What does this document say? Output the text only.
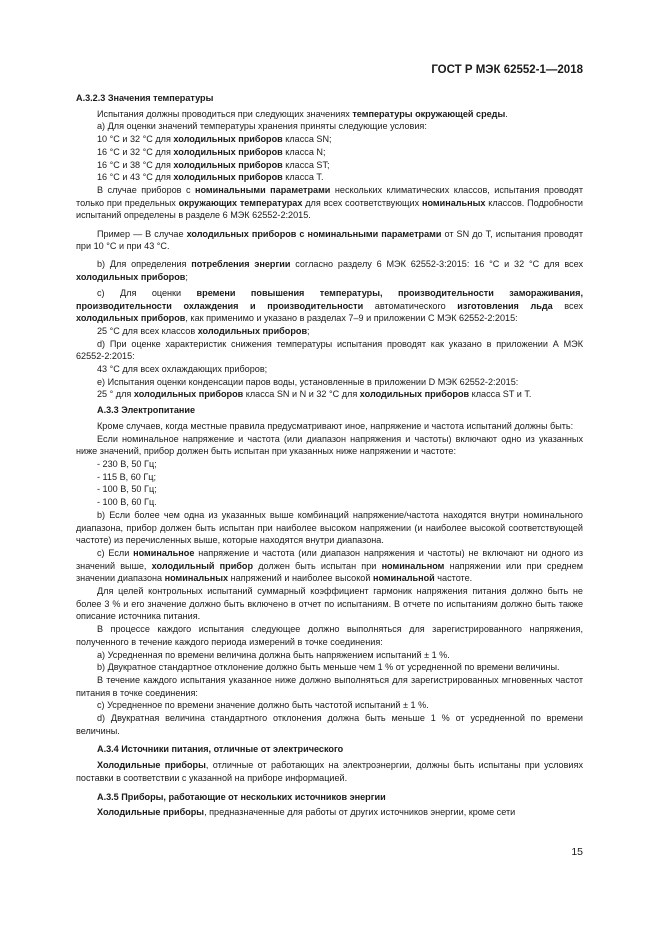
ГОСТ Р МЭК 62552-1—2018

А.3.2.3 Значения температуры

Испытания должны проводиться при следующих значениях температуры окружающей среды.

а) Для оценки значений температуры хранения приняты следующие условия:

10 °С и 32 °С для холодильных приборов класса SN;

16 °С и 32 °С для холодильных приборов класса N;

16 °С и 38 °С для холодильных приборов класса ST;

16 °С и 43 °С для холодильных приборов класса Т.

В случае приборов с номинальными параметрами нескольких климатических классов, испытания проводят только при предельных окружающих температурах для всех соответствующих номинальных классов. Подробности испытаний определены в разделе 6 МЭК 62552-2:2015.

Пример — В случае холодильных приборов с номинальными параметрами от SN до Т, испытания проводят при 10 °С и при 43 °С.

b) Для определения потребления энергии согласно разделу 6 МЭК 62552-3:2015: 16 °С и 32 °С для всех холодильных приборов;

с) Для оценки времени повышения температуры, производительности замораживания, производительности охлаждения и производительности автоматического изготовления льда всех холодильных приборов, как применимо и указано в разделах 7–9 и приложении С МЭК 62552-2:2015:

25 °С для всех классов холодильных приборов;

d) При оценке характеристик снижения температуры испытания проводят как указано в приложении А МЭК 62552-2:2015:

43 °С для всех охлаждающих приборов;

е) Испытания оценки конденсации паров воды, установленные в приложении D МЭК 62552-2:2015:

25 ° для холодильных приборов класса SN и N и 32 °С для холодильных приборов класса ST и Т.

А.3.3 Электропитание

Кроме случаев, когда местные правила предусматривают иное, напряжение и частота испытаний должны быть:

Если номинальное напряжение и частота (или диапазон напряжения и частоты) включают одно из указанных ниже значений, прибор должен быть испытан при указанных ниже напряжении и частоте:

- 230 В, 50 Гц;

- 115 В, 60 Гц;

- 100 В, 50 Гц;

- 100 В, 60 Гц.

b) Если более чем одна из указанных выше комбинаций напряжение/частота находятся внутри номинального диапазона, прибор должен быть испытан при наиболее высоком напряжении (и наиболее высокой соответствующей частоте) из перечисленных выше, которые находятся внутри диапазона.

с) Если номинальное напряжение и частота (или диапазон напряжения и частоты) не включают ни одного из значений выше, холодильный прибор должен быть испытан при номинальном напряжении или при среднем значении диапазона номинальных напряжений и наиболее высокой номинальной частоте.

Для целей контрольных испытаний суммарный коэффициент гармоник напряжения питания должно быть не более 3 % и его значение должно быть включено в отчет по испытаниям. В отчете по испытаниям должно быть также описание источника питания.

В процессе каждого испытания следующее должно выполняться для зарегистрированного напряжения, полученного в течение каждого периода измерений в точке соединения:

а) Усредненная по времени величина должна быть напряжением испытаний ± 1 %.

b) Двукратное стандартное отклонение должно быть меньше чем 1 % от усредненной по времени величины.

В течение каждого испытания указанное ниже должно выполняться для зарегистрированных мгновенных частот питания в точке соединения:

с) Усредненное по времени значение должно быть частотой испытаний ± 1 %.

d) Двукратная величина стандартного отклонения должна быть меньше 1 % от усредненной по времени величины.

А.3.4 Источники питания, отличные от электрического

Холодильные приборы, отличные от работающих на электроэнергии, должны быть испытаны при условиях поставки в соответствии с указанной на приборе информацией.

А.3.5 Приборы, работающие от нескольких источников энергии

Холодильные приборы, предназначенные для работы от других источников энергии, кроме сети

15
